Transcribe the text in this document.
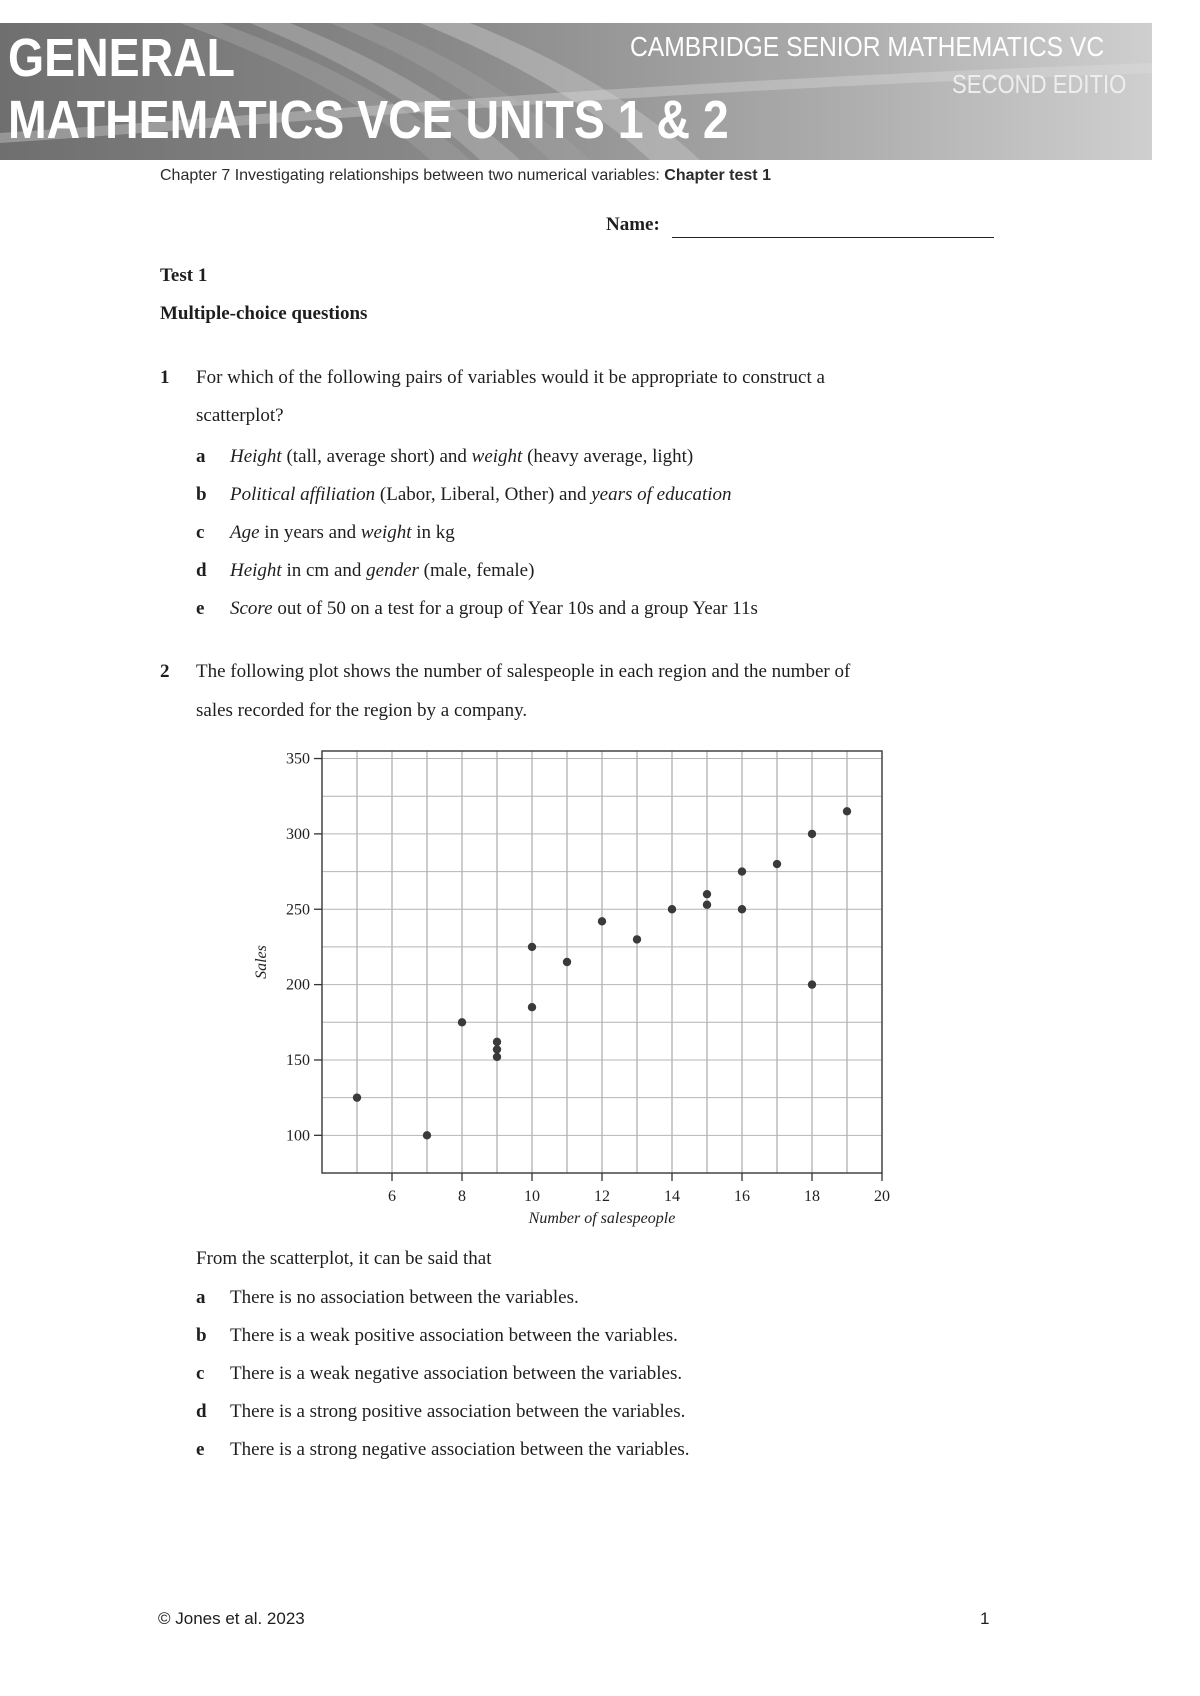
GENERAL
MATHEMATICS VCE UNITS 1 & 2
CAMBRIDGE SENIOR MATHEMATICS VC
SECOND EDITIO
Chapter 7 Investigating relationships between two numerical variables: Chapter test 1
Name:
Test 1
Multiple-choice questions
1 For which of the following pairs of variables would it be appropriate to construct a
scatterplot?
a Height (tall, average short) and weight (heavy average, light)
b Political affiliation (Labor, Liberal, Other) and years of education
c Age in years and weight in kg
d Height in cm and gender (male, female)
e Score out of 50 on a test for a group of Year 10s and a group Year 11s
2 The following plot shows the number of salespeople in each region and the number of
sales recorded for the region by a company.
6	8	10	12	14	16	18	20
100
150
200
250
300
350
Number of salespeople
Sales
From the scatterplot, it can be said that
a There is no association between the variables.
b There is a weak positive association between the variables.
c There is a weak negative association between the variables.
d There is a strong positive association between the variables.
e There is a strong negative association between the variables.
© Jones et al. 2023	1
